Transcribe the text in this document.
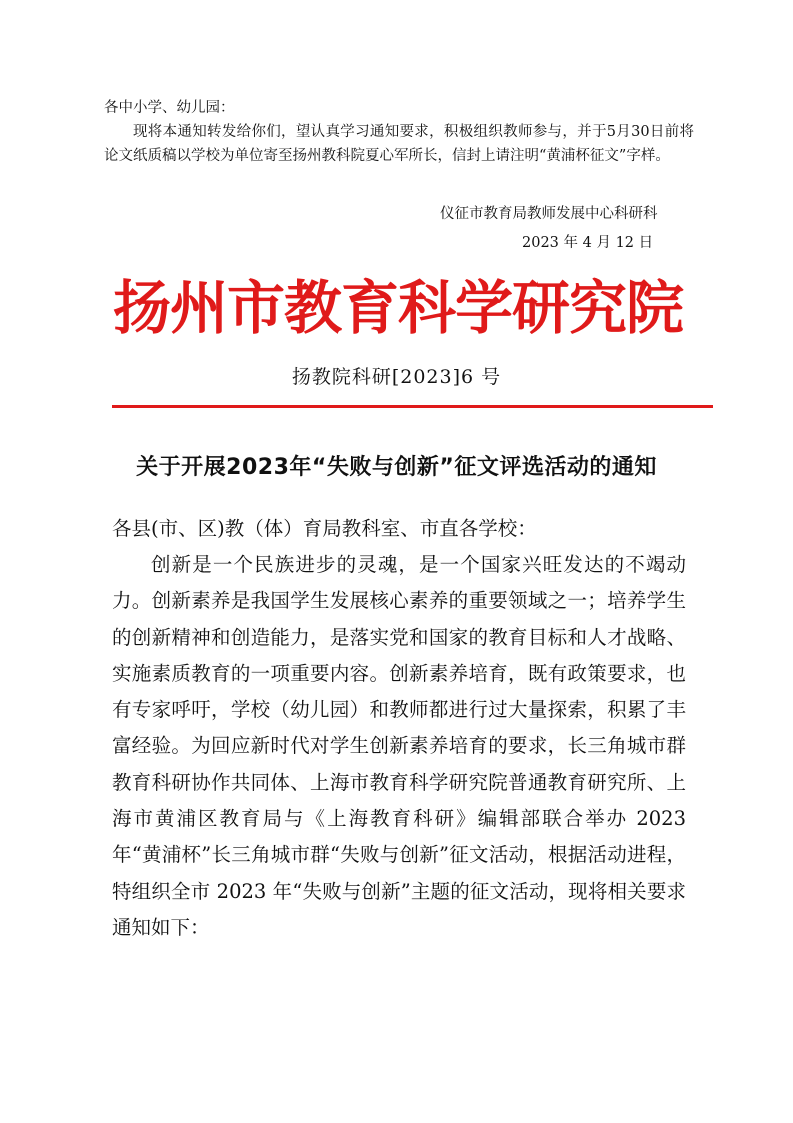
各中小学、幼儿园：

现将本通知转发给你们，望认真学习通知要求，积极组织教师参与，并于5月30日前将论文纸质稿以学校为单位寄至扬州教科院夏心军所长，信封上请注明“黄浦杯征文”字样。

仪征市教育局教师发展中心科研科
2023 年 4 月 12 日
扬州市教育科学研究院
扬教院科研[2023]6 号
关于开展2023年“失败与创新”征文评选活动的通知
各县(市、区)教（体）育局教科室、市直各学校：

创新是一个民族进步的灵魂，是一个国家兴旺发达的不竭动力。创新素养是我国学生发展核心素养的重要领域之一；培养学生的创新精神和创造能力，是落实党和国家的教育目标和人才战略、实施素质教育的一项重要内容。创新素养培育，既有政策要求，也有专家呼吁，学校（幼儿园）和教师都进行过大量探索，积累了丰富经验。为回应新时代对学生创新素养培育的要求，长三角城市群教育科研协作共同体、上海市教育科学研究院普通教育研究所、上海市黄浦区教育局与《上海教育科研》编辑部联合举办 2023 年“黄浦杯”长三角城市群“失败与创新”征文活动，根据活动进程，特组织全市 2023 年“失败与创新”主题的征文活动，现将相关要求通知如下：
